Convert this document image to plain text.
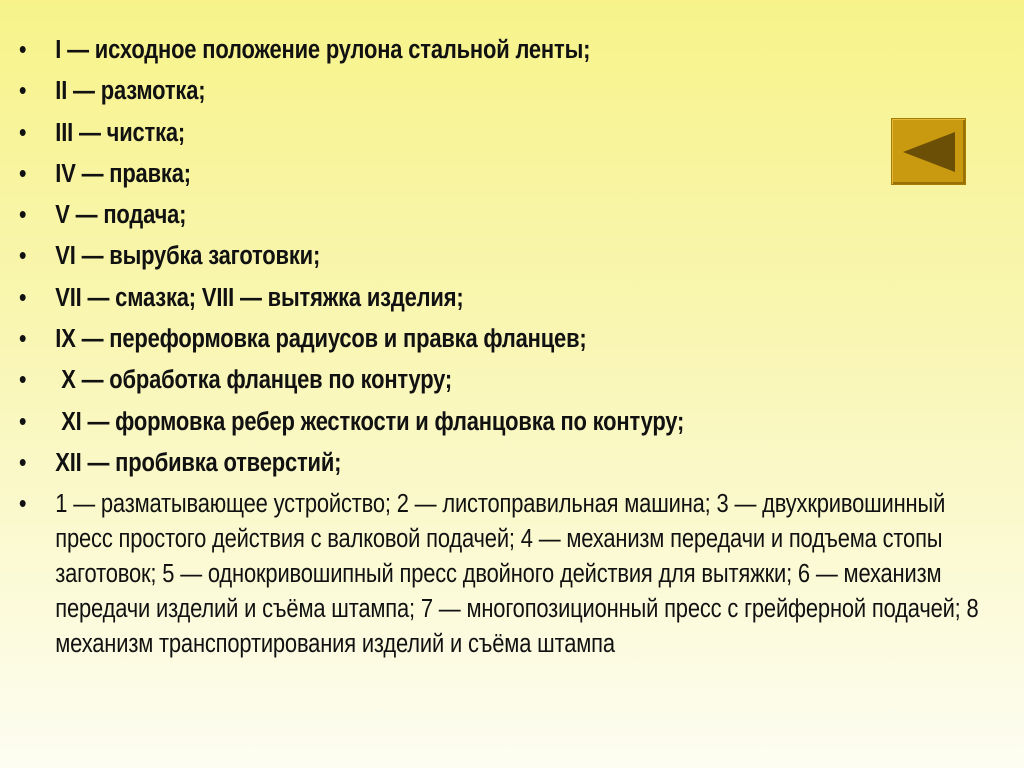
• I — исходное положение рулона стальной ленты;
• II — размотка;
• III — чистка;
• IV — правка;
• V — подача;
• VI — вырубка заготовки;
• VII — смазка; VIII — вытяжка изделия;
• IX — переформовка радиусов и правка фланцев;
• X — обработка фланцев по контуру;
• XI — формовка ребер жесткости и фланцовка по контуру;
• XII — пробивка отверстий;
• 1 — разматывающее устройство; 2 — листоправильная машина; 3 — двухкривошинный пресс простого действия с валковой подачей; 4 — механизм передачи и подъема стопы заготовок; 5 — однокривошипный пресс двойного действия для вытяжки; 6 — механизм передачи изделий и съёма штампа; 7 — многопозиционный пресс с грейферной подачей; 8 механизм транспортирования изделий и съёма штампа
